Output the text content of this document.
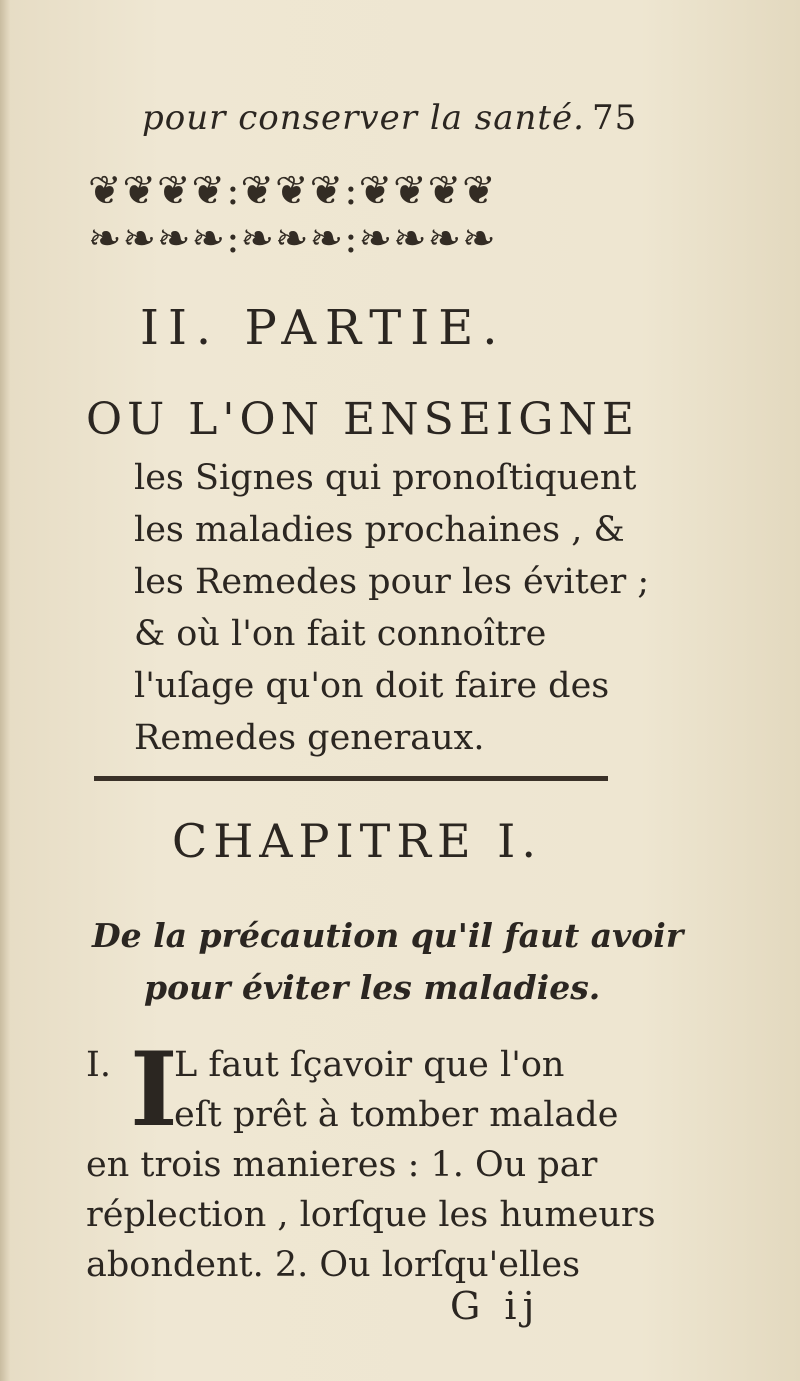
pour conserver la santé. 75
❦❦❦❦:❦❦❦:❦❦❦❦
❧❧❧❧:❧❧❧:❧❧❧❧
II. PARTIE.
OU L'ON ENSEIGNE
les Signes qui pronoſtiquent
les maladies prochaines , &
les Remedes pour les éviter ;
& où l'on fait connoître
l'uſage qu'on doit faire des
Remedes generaux.
CHAPITRE I.
De la précaution qu'il faut avoir
pour éviter les maladies.
I
I. L faut ſçavoir que l'on
eſt prêt à tomber malade
en trois manieres : 1. Ou par
réplection , lorſque les humeurs
abondent. 2. Ou lorſqu'elles
G ij
